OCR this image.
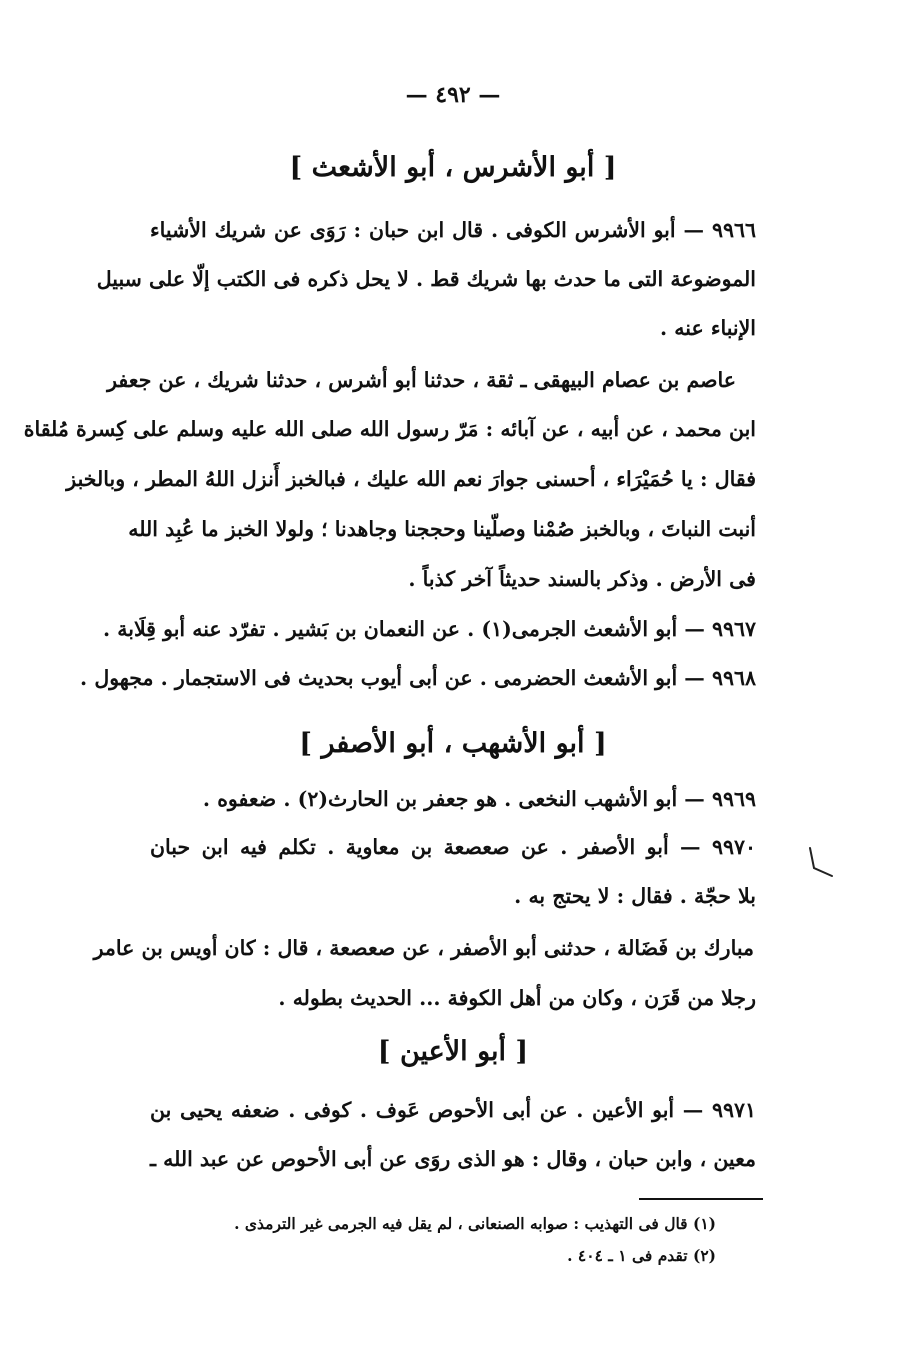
— ٤٩٢ —
[ أبو الأشرس ، أبو الأشعث ]
٩٩٦٦ — أبو الأشرس الكوفى . قال ابن حبان : رَوَى عن شريك الأشياء
الموضوعة التى ما حدث بها شريك قط . لا يحل ذكره فى الكتب إلّا على سبيل
الإنباء عنه .
عاصم بن عصام البيهقى ـ ثقة ، حدثنا أبو أشرس ، حدثنا شريك ، عن جعفر
ابن محمد ، عن أبيه ، عن آبائه : مَرّ رسول الله صلى الله عليه وسلم على كِسرة مُلقاة
فقال : يا حُمَيْرَاء ، أحسنى جوارَ نعم الله عليك ، فبالخبز أَنزل اللهُ المطر ، وبالخبز
أنبت النباتَ ، وبالخبز صُمْنا وصلّينا وحججنا وجاهدنا ؛ ولولا الخبز ما عُبِد الله
فى الأرض . وذكر بالسند حديثاً آخر كذباً .
٩٩٦٧ — أبو الأشعث الجرمى(١) . عن النعمان بن بَشير . تفرّد عنه أبو قِلَابة .
٩٩٦٨ — أبو الأشعث الحضرمى . عن أبى أيوب بحديث فى الاستجمار . مجهول .
[ أبو الأشهب ، أبو الأصفر ]
٩٩٦٩ — أبو الأشهب النخعى . هو جعفر بن الحارث(٢) . ضعفوه .
٩٩٧٠ — أبو الأصفر . عن صعصعة بن معاوية . تكلم فيه ابن حبان
بلا حجّة . فقال : لا يحتج به .
مبارك بن فَضَالة ، حدثنى أبو الأصفر ، عن صعصعة ، قال : كان أويس بن عامر
رجلا من قَرَن ، وكان من أهل الكوفة ... الحديث بطوله .
[ أبو الأعين ]
٩٩٧١ — أبو الأعين . عن أبى الأحوص عَوف . كوفى . ضعفه يحيى بن
معين ، وابن حبان ، وقال : هو الذى روَى عن أبى الأحوص عن عبد الله ـ
(١) قال فى التهذيب : صوابه الصنعانى ، لم يقل فيه الجرمى غير الترمذى .
(٢) تقدم فى ١ ـ ٤٠٤ .
